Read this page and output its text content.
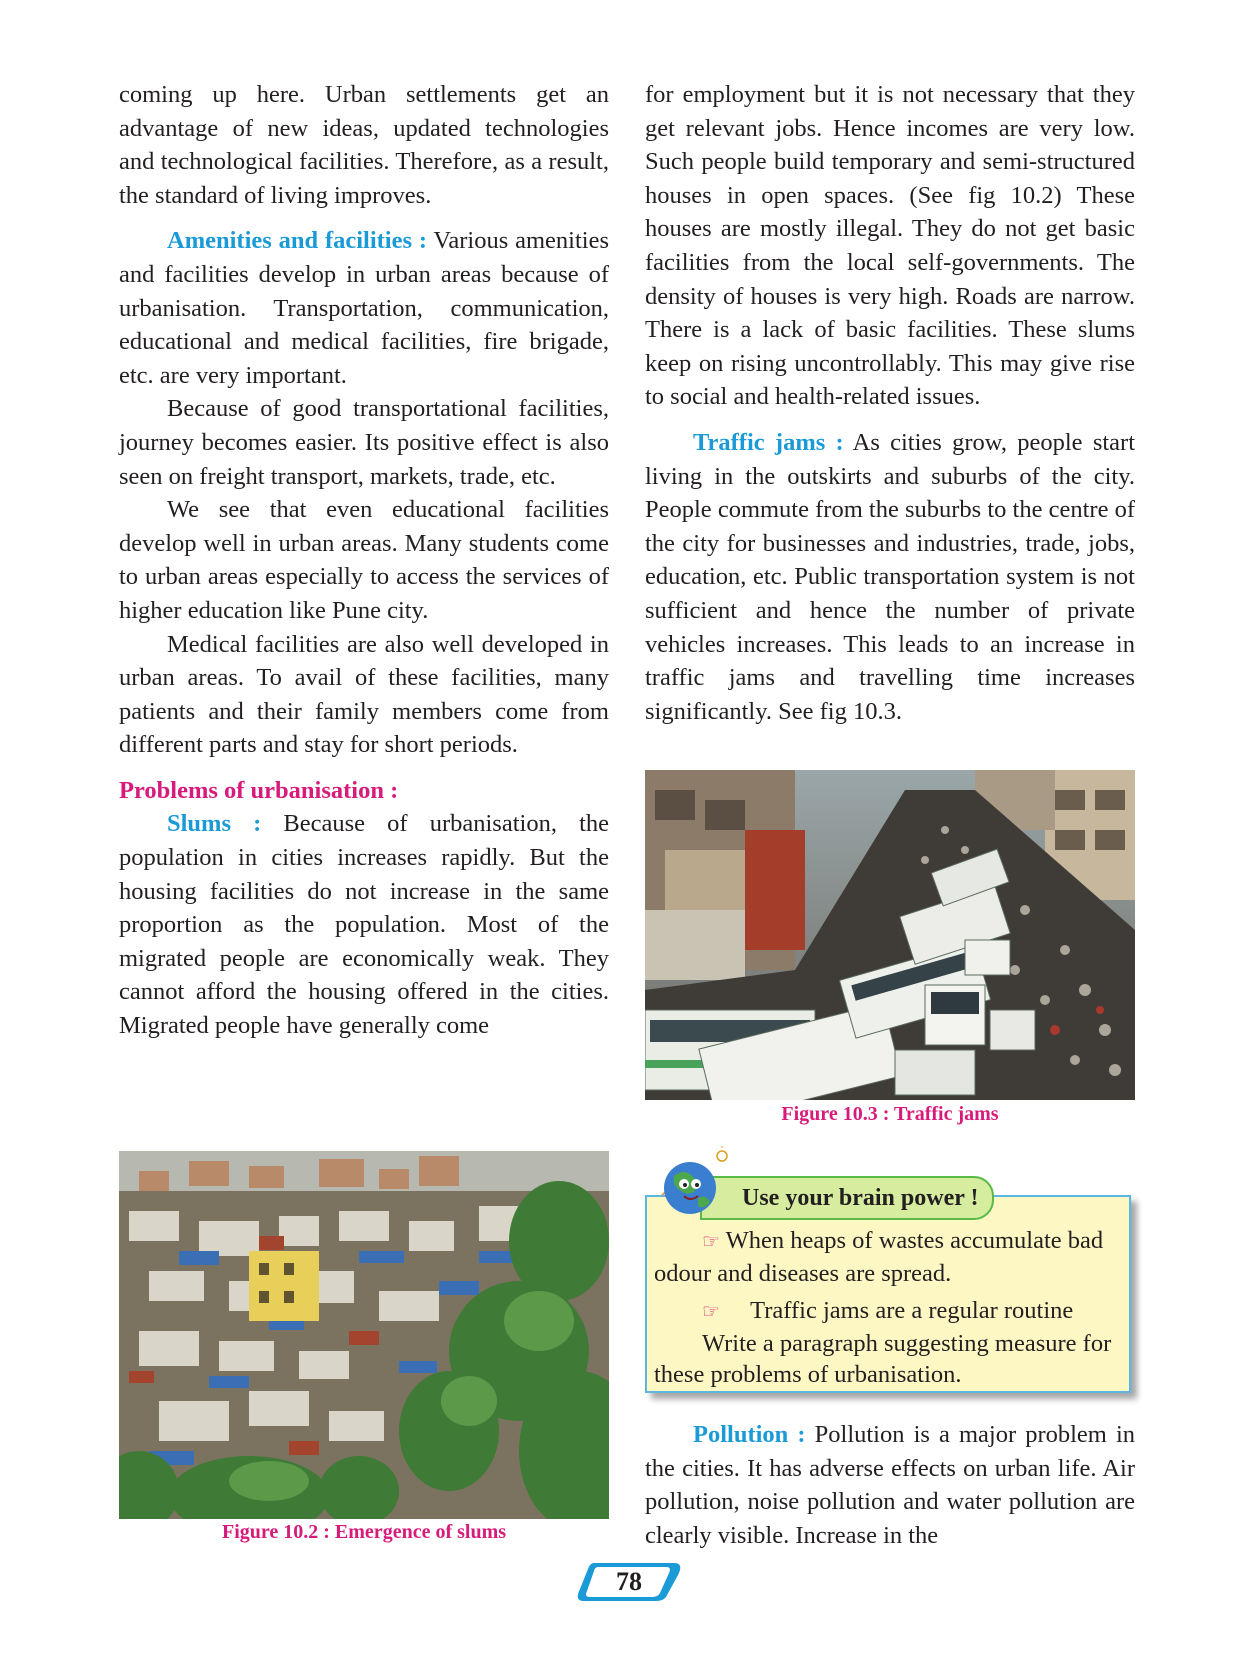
coming up here. Urban settlements get an advantage of new ideas, updated technologies and technological facilities. Therefore, as a result, the standard of living improves.

Amenities and facilities : Various amenities and facilities develop in urban areas because of urbanisation. Transportation, communication, educational and medical facilities, fire brigade, etc. are very important.

Because of good transportational facilities, journey becomes easier. Its positive effect is also seen on freight transport, markets, trade, etc.

We see that even educational facilities develop well in urban areas. Many students come to urban areas especially to access the services of higher education like Pune city.

Medical facilities are also well developed in urban areas. To avail of these facilities, many patients and their family members come from different parts and stay for short periods.

Problems of urbanisation :

Slums : Because of urbanisation, the population in cities increases rapidly. But the housing facilities do not increase in the same proportion as the population. Most of the migrated people are economically weak. They cannot afford the housing offered in the cities. Migrated people have generally come

for employment but it is not necessary that they get relevant jobs. Hence incomes are very low. Such people build temporary and semi-structured houses in open spaces. (See fig 10.2) These houses are mostly illegal. They do not get basic facilities from the local self-governments. The density of houses is very high. Roads are narrow. There is a lack of basic facilities. These slums keep on rising uncontrollably. This may give rise to social and health-related issues.

Traffic jams : As cities grow, people start living in the outskirts and suburbs of the city. People commute from the suburbs to the centre of the city for businesses and industries, trade, jobs, education, etc. Public transportation system is not sufficient and hence the number of private vehicles increases. This leads to an increase in traffic jams and travelling time increases significantly. See fig 10.3.

Figure 10.3 : Traffic jams
Figure 10.2 : Emergence of slums
Use your brain power !

☞ When heaps of wastes accumulate bad odour and diseases are spread.

☞ Traffic jams are a regular routine

Write a paragraph suggesting measure for these problems of urbanisation.

Pollution : Pollution is a major problem in the cities. It has adverse effects on urban life. Air pollution, noise pollution and water pollution are clearly visible. Increase in the

78
